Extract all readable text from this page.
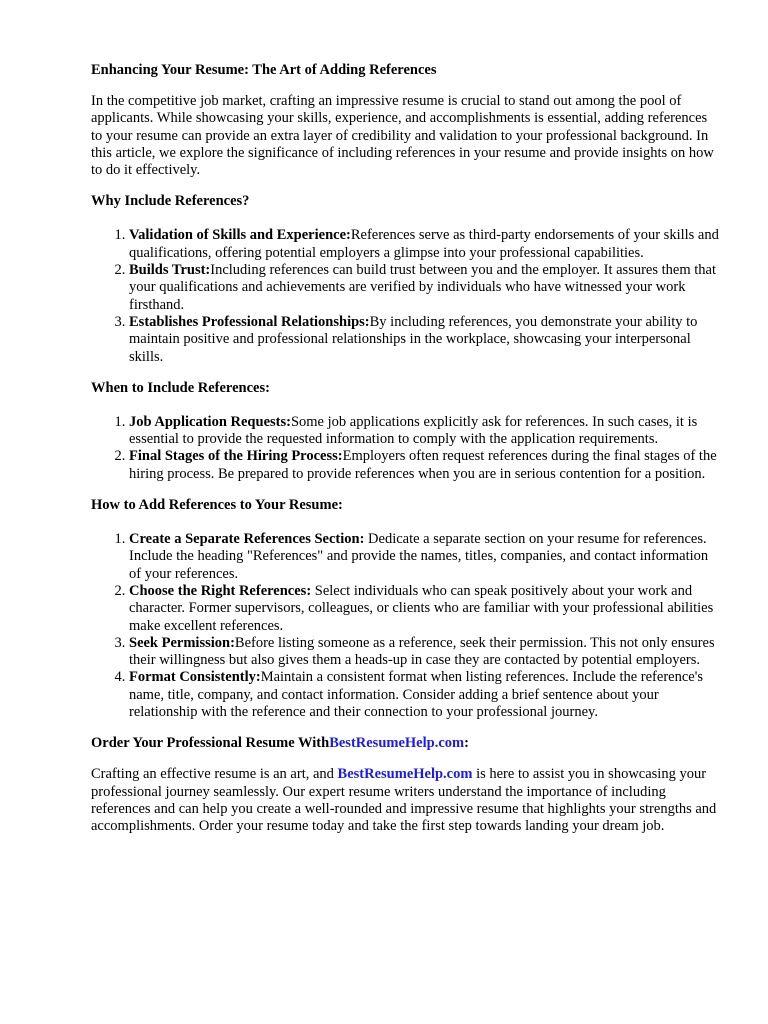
Enhancing Your Resume: The Art of Adding References

In the competitive job market, crafting an impressive resume is crucial to stand out among the pool of applicants. While showcasing your skills, experience, and accomplishments is essential, adding references to your resume can provide an extra layer of credibility and validation to your professional background. In this article, we explore the significance of including references in your resume and provide insights on how to do it effectively.

Why Include References?
1. Validation of Skills and Experience:References serve as third-party endorsements of your skills and qualifications, offering potential employers a glimpse into your professional capabilities.
2. Builds Trust:Including references can build trust between you and the employer. It assures them that your qualifications and achievements are verified by individuals who have witnessed your work firsthand.
3. Establishes Professional Relationships:By including references, you demonstrate your ability to maintain positive and professional relationships in the workplace, showcasing your interpersonal skills.
When to Include References:
1. Job Application Requests:Some job applications explicitly ask for references. In such cases, it is essential to provide the requested information to comply with the application requirements.
2. Final Stages of the Hiring Process:Employers often request references during the final stages of the hiring process. Be prepared to provide references when you are in serious contention for a position.
How to Add References to Your Resume:
1. Create a Separate References Section: Dedicate a separate section on your resume for references. Include the heading "References" and provide the names, titles, companies, and contact information of your references.
2. Choose the Right References: Select individuals who can speak positively about your work and character. Former supervisors, colleagues, or clients who are familiar with your professional abilities make excellent references.
3. Seek Permission:Before listing someone as a reference, seek their permission. This not only ensures their willingness but also gives them a heads-up in case they are contacted by potential employers.
4. Format Consistently:Maintain a consistent format when listing references. Include the reference's name, title, company, and contact information. Consider adding a brief sentence about your relationship with the reference and their connection to your professional journey.
Order Your Professional Resume WithBestResumeHelp.com:

Crafting an effective resume is an art, and BestResumeHelp.com is here to assist you in showcasing your professional journey seamlessly. Our expert resume writers understand the importance of including references and can help you create a well-rounded and impressive resume that highlights your strengths and accomplishments. Order your resume today and take the first step towards landing your dream job.
